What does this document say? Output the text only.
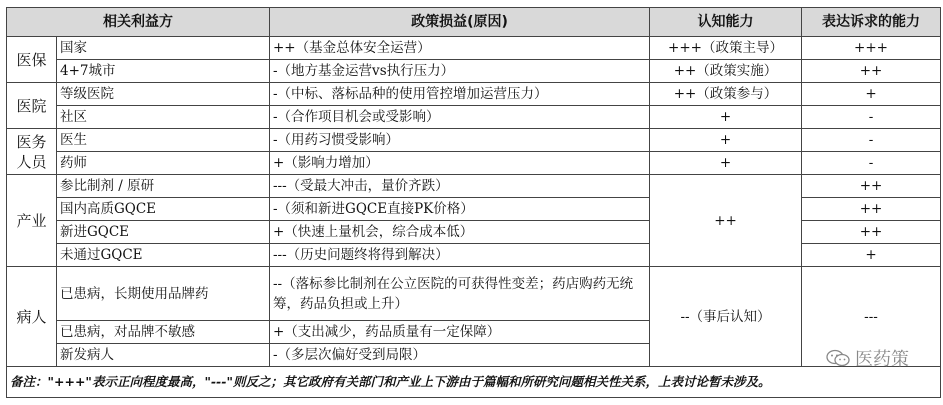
相关利益方		政策损益(原因)	认知能力	表达诉求的能力
医保	国家	++（基金总体安全运营）	+++（政策主导）	+++
	4+7城市	-（地方基金运营vs执行压力）	++（政策实施）	++
医院	等级医院	-（中标、落标品种的使用管控增加运营压力）	++（政策参与）	+
	社区	-（合作项目机会或受影响）	+	-
医务
人员	医生	-（用药习惯受影响）	+	-
	药师	+（影响力增加）	+	-
产业	参比制剂 / 原研	---（受最大冲击，量价齐跌）	++	++
	国内高质GQCE	-（须和新进GQCE直接PK价格）		++
	新进GQCE	+（快速上量机会，综合成本低）		++
	未通过GQCE	---（历史问题终将得到解决）		+
病人	已患病，长期使用品牌药	--（落标参比制剂在公立医院的可获得性变差；药店购药无统筹，药品负担或上升）	--（事后认知）	---
	已患病，对品牌不敏感	+（支出减少，药品质量有一定保障）		
	新发病人	-（多层次偏好受到局限）		
备注："+++"表示正向程度最高，"---"则反之；其它政府有关部门和产业上下游由于篇幅和所研究问题相关性关系，上表讨论暂未涉及。				
医药策
